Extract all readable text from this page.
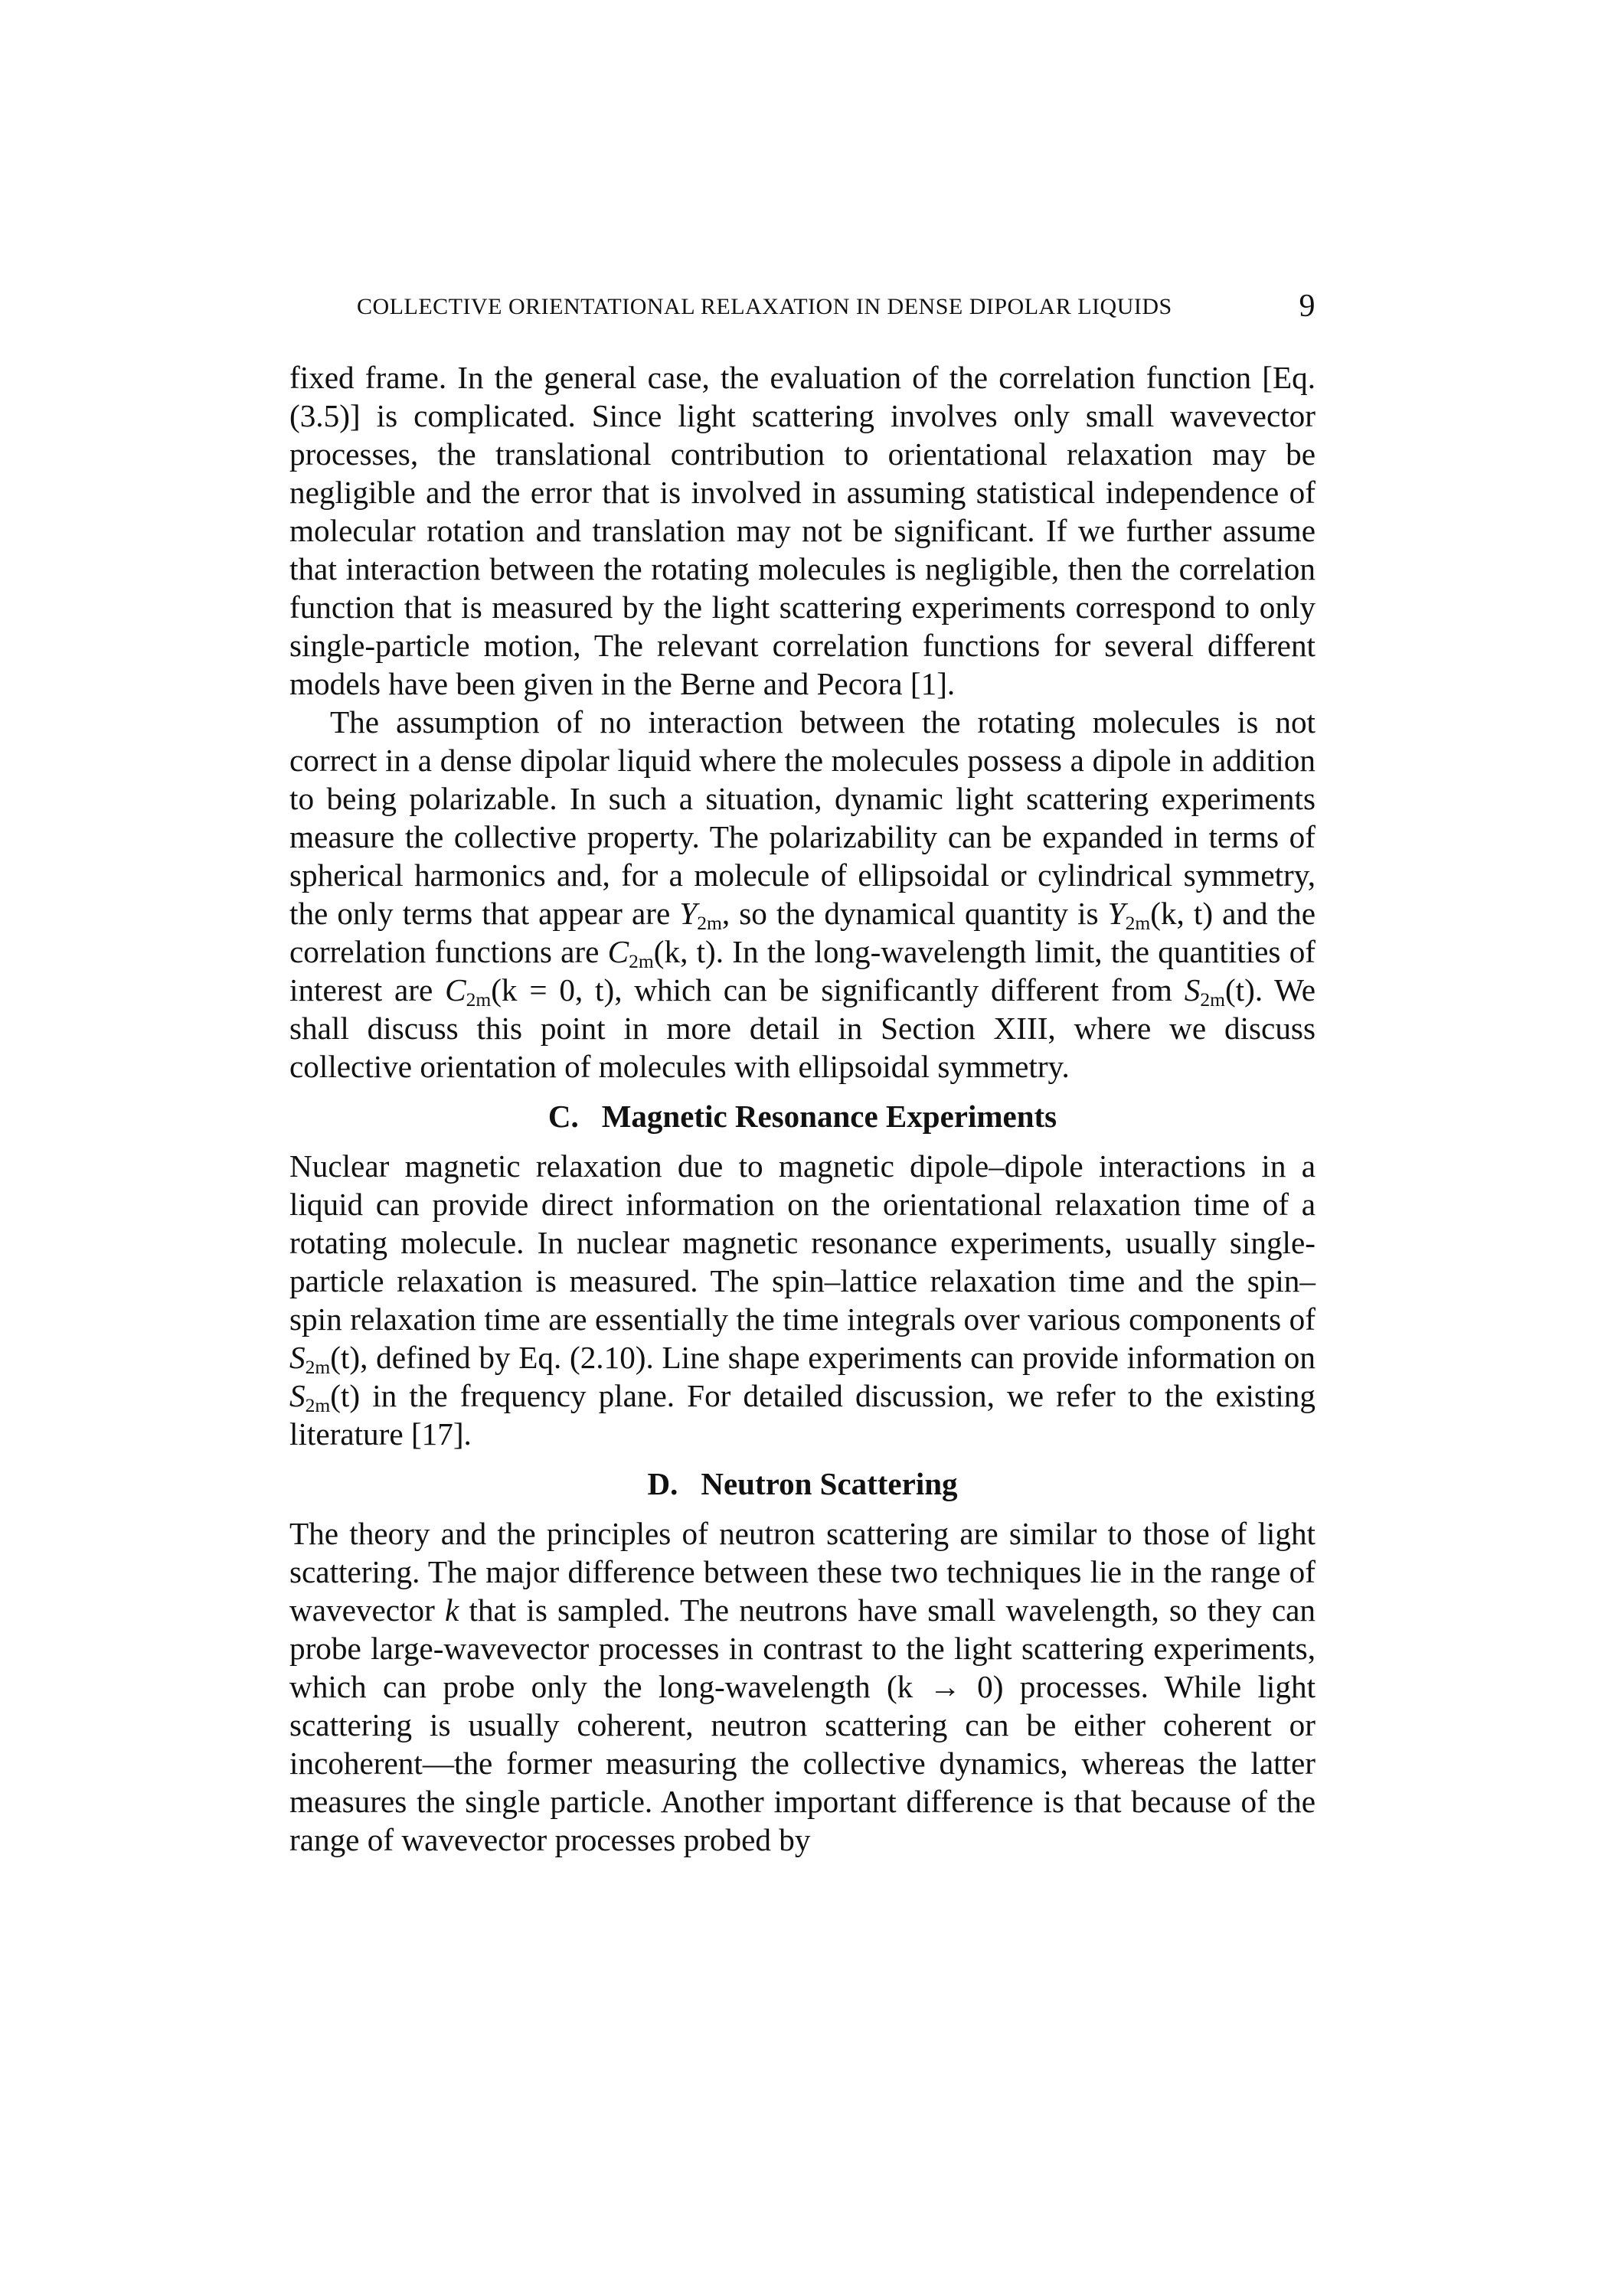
COLLECTIVE ORIENTATIONAL RELAXATION IN DENSE DIPOLAR LIQUIDS	9

fixed frame. In the general case, the evaluation of the correlation function [Eq. (3.5)] is complicated. Since light scattering involves only small wavevector processes, the translational contribution to orientational relaxation may be negligible and the error that is involved in assuming statistical independence of molecular rotation and translation may not be significant. If we further assume that interaction between the rotating molecules is negligible, then the correlation function that is measured by the light scattering experiments correspond to only single-particle motion, The relevant correlation functions for several different models have been given in the Berne and Pecora [1].

The assumption of no interaction between the rotating molecules is not correct in a dense dipolar liquid where the molecules possess a dipole in addition to being polarizable. In such a situation, dynamic light scattering experiments measure the collective property. The polarizability can be expanded in terms of spherical harmonics and, for a molecule of ellipsoidal or cylindrical symmetry, the only terms that appear are $Y_{2m}$, so the dynamical quantity is $Y_{2m}(k$, t) and the correlation functions are $C_{2m}(k$, t). In the long-wavelength limit, the quantities of interest are $C_{2m}(k = 0$, t), which can be significantly different from $S_{2m}(t)$. We shall discuss this point in more detail in Section XIII, where we discuss collective orientation of molecules with ellipsoidal symmetry.

C. Magnetic Resonance Experiments

Nuclear magnetic relaxation due to magnetic dipole–dipole interactions in a liquid can provide direct information on the orientational relaxation time of a rotating molecule. In nuclear magnetic resonance experiments, usually single-particle relaxation is measured. The spin–lattice relaxation time and the spin–spin relaxation time are essentially the time integrals over various components of $S_{2m}(t)$, defined by Eq. (2.10). Line shape experiments can provide information on $S_{2m}(t)$ in the frequency plane. For detailed discussion, we refer to the existing literature [17].

D. Neutron Scattering

The theory and the principles of neutron scattering are similar to those of light scattering. The major difference between these two techniques lie in the range of wavevector k that is sampled. The neutrons have small wavelength, so they can probe large-wavevector processes in contrast to the light scattering experiments, which can probe only the long-wavelength (k → 0) processes. While light scattering is usually coherent, neutron scattering can be either coherent or incoherent—the former measuring the collective dynamics, whereas the latter measures the single particle. Another important difference is that because of the range of wavevector processes probed by
